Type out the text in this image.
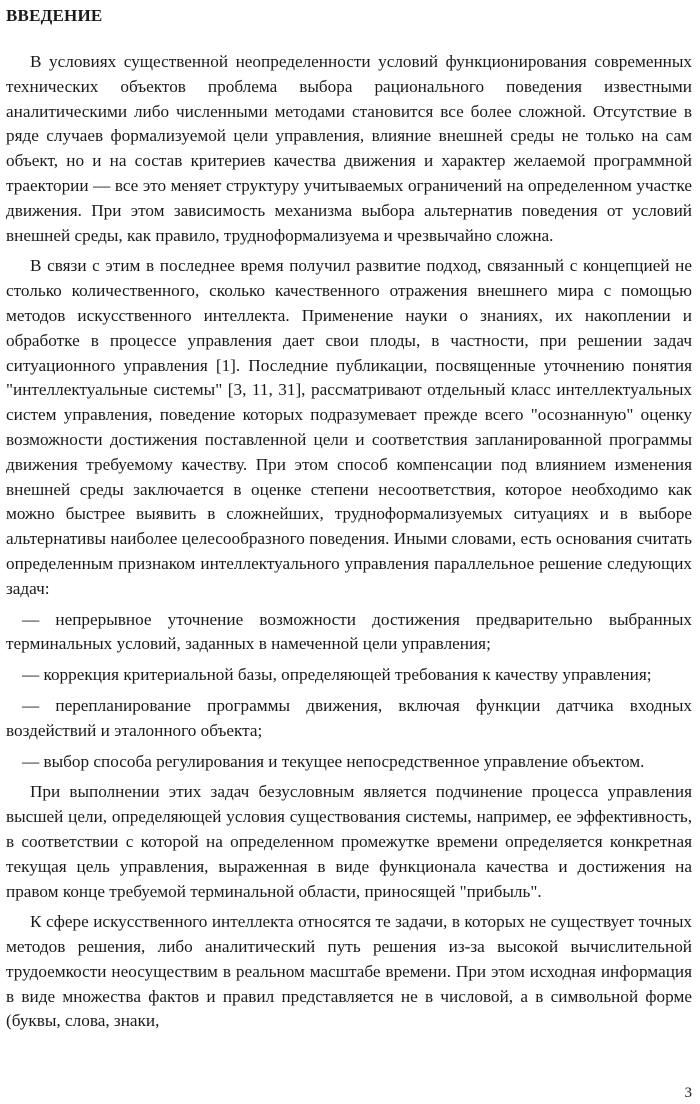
ВВЕДЕНИЕ

В условиях существенной неопределенности условий функционирования современных технических объектов проблема выбора рационального поведения известными аналитическими либо численными методами становится все более сложной. Отсутствие в ряде случаев формализуемой цели управления, влияние внешней среды не только на сам объект, но и на состав критериев качества движения и характер желаемой программной траектории — все это меняет структуру учитываемых ограничений на определенном участке движения. При этом зависимость механизма выбора альтернатив поведения от условий внешней среды, как правило, трудноформализуема и чрезвычайно сложна.

В связи с этим в последнее время получил развитие подход, связанный с концепцией не столько количественного, сколько качественного отражения внешнего мира с помощью методов искусственного интеллекта. Применение науки о знаниях, их накоплении и обработке в процессе управления дает свои плоды, в частности, при решении задач ситуационного управления [1]. Последние публикации, посвященные уточнению понятия "интеллектуальные системы" [3, 11, 31], рассматривают отдельный класс интеллектуальных систем управления, поведение которых подразумевает прежде всего "осознанную" оценку возможности достижения поставленной цели и соответствия запланированной программы движения требуемому качеству. При этом способ компенсации под влиянием изменения внешней среды заключается в оценке степени несоответствия, которое необходимо как можно быстрее выявить в сложнейших, трудноформализуемых ситуациях и в выборе альтернативы наиболее целесообразного поведения. Иными словами, есть основания считать определенным признаком интеллектуального управления параллельное решение следующих задач:

— непрерывное уточнение возможности достижения предварительно выбранных терминальных условий, заданных в намеченной цели управления;

— коррекция критериальной базы, определяющей требования к качеству управления;

— перепланирование программы движения, включая функции датчика входных воздействий и эталонного объекта;

— выбор способа регулирования и текущее непосредственное управление объектом.

При выполнении этих задач безусловным является подчинение процесса управления высшей цели, определяющей условия существования системы, например, ее эффективность, в соответствии с которой на определенном промежутке времени определяется конкретная текущая цель управления, выраженная в виде функционала качества и достижения на правом конце требуемой терминальной области, приносящей "прибыль".

К сфере искусственного интеллекта относятся те задачи, в которых не существует точных методов решения, либо аналитический путь решения из-за высокой вычислительной трудоемкости неосуществим в реальном масштабе времени. При этом исходная информация в виде множества фактов и правил представляется не в числовой, а в символьной форме (буквы, слова, знаки,

3
